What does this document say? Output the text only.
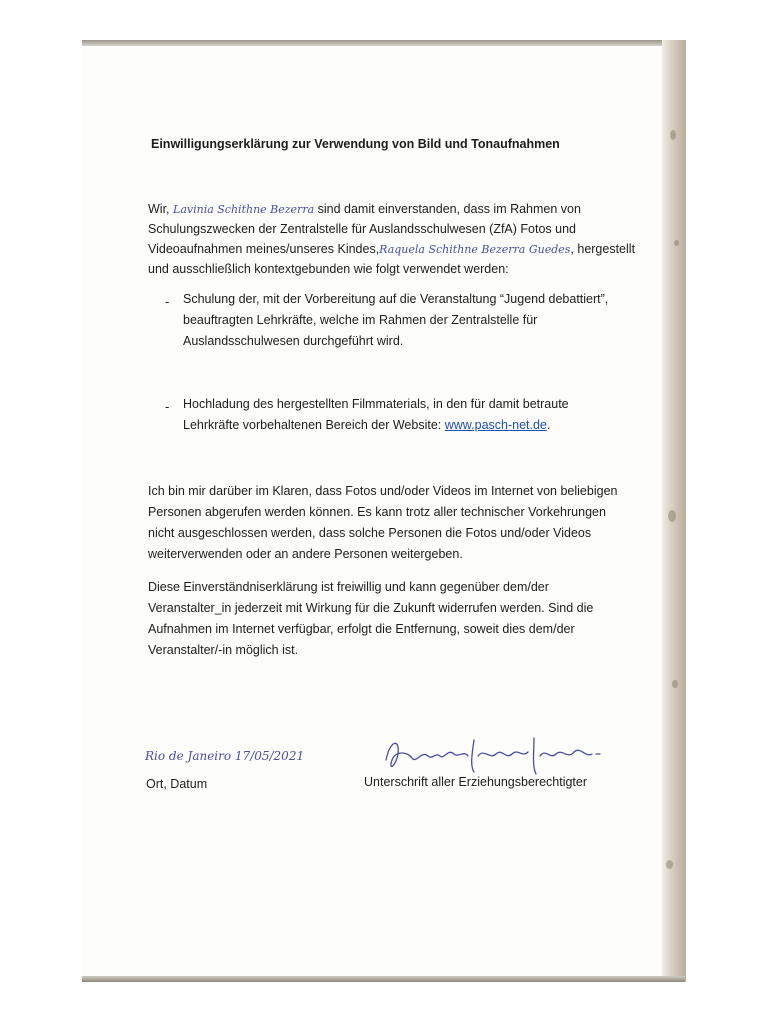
Einwilligungserklärung zur Verwendung von Bild und Tonaufnahmen
Wir, Lavinia Schithne Bezerra sind damit einverstanden, dass im Rahmen von
Schulungszwecken der Zentralstelle für Auslandsschulwesen (ZfA) Fotos und
Videoaufnahmen meines/unseres Kindes,Raquela Schithne Bezerra Guedes, hergestellt
und ausschließlich kontextgebunden wie folgt verwendet werden:
- Schulung der, mit der Vorbereitung auf die Veranstaltung “Jugend debattiert”,
beauftragten Lehrkräfte, welche im Rahmen der Zentralstelle für
Auslandsschulwesen durchgeführt wird.
- Hochladung des hergestellten Filmmaterials, in den für damit betraute
Lehrkräfte vorbehaltenen Bereich der Website: www.pasch-net.de.
Ich bin mir darüber im Klaren, dass Fotos und/oder Videos im Internet von beliebigen
Personen abgerufen werden können. Es kann trotz aller technischer Vorkehrungen
nicht ausgeschlossen werden, dass solche Personen die Fotos und/oder Videos
weiterverwenden oder an andere Personen weitergeben.
Diese Einverständniserklärung ist freiwillig und kann gegenüber dem/der
Veranstalter_in jederzeit mit Wirkung für die Zukunft widerrufen werden. Sind die
Aufnahmen im Internet verfügbar, erfolgt die Entfernung, soweit dies dem/der
Veranstalter/-in möglich ist.
Rio de Janeiro 17/05/2021
Ort, Datum	Unterschrift aller Erziehungsberechtigter
